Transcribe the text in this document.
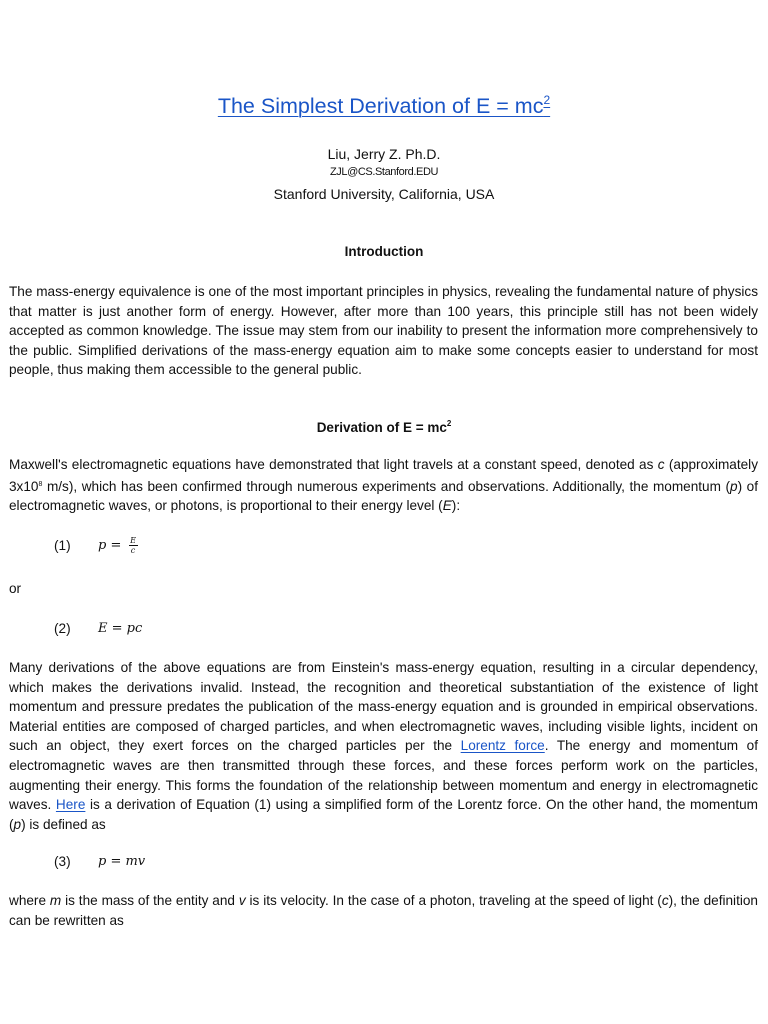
The Simplest Derivation of $E = mc^2$
Liu, Jerry Z. Ph.D.
ZJL@CS.Stanford.EDU
Stanford University, California, USA
Introduction

The mass-energy equivalence is one of the most important principles in physics, revealing the fundamental nature of physics that matter is just another form of energy. However, after more than 100 years, this principle still has not been widely accepted as common knowledge. The issue may stem from our inability to present the information more comprehensively to the public. Simplified derivations of the mass-energy equation aim to make some concepts easier to understand for most people, thus making them accessible to the general public.

Derivation of $E = mc^2$

Maxwell's electromagnetic equations have demonstrated that light travels at a constant speed, denoted as c (approximately $3x10^8$ m/s), which has been confirmed through numerous experiments and observations. Additionally, the momentum (p) of electromagnetic waves, or photons, is proportional to their energy level (E):

(1)	$p = \frac{E}{c}$
or
(2)	E = pc

Many derivations of the above equations are from Einstein's mass-energy equation, resulting in a circular dependency, which makes the derivations invalid. Instead, the recognition and theoretical substantiation of the existence of light momentum and pressure predates the publication of the mass-energy equation and is grounded in empirical observations. Material entities are composed of charged particles, and when electromagnetic waves, including visible lights, incident on such an object, they exert forces on the charged particles per the Lorentz force. The energy and momentum of electromagnetic waves are then transmitted through these forces, and these forces perform work on the particles, augmenting their energy. This forms the foundation of the relationship between momentum and energy in electromagnetic waves. Here is a derivation of Equation (1) using a simplified form of the Lorentz force. On the other hand, the momentum (p) is defined as

(3)	p = mv

where m is the mass of the entity and v is its velocity. In the case of a photon, traveling at the speed of light (c), the definition can be rewritten as
